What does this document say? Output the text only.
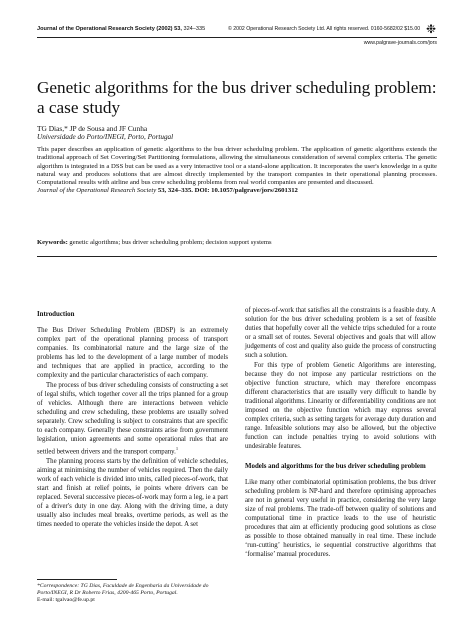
Journal of the Operational Research Society (2002) 53, 324–335	© 2002 Operational Research Society Ltd. All rights reserved. 0160-5682/02 $15.00 ❉
www.palgrave-journals.com/jors
Genetic algorithms for the bus driver scheduling problem: a case study
TG Dias,* JP de Sousa and JF Cunha
Universidade do Porto/INEGI, Porto, Portugal
This paper describes an application of genetic algorithms to the bus driver scheduling problem. The application of genetic algorithms extends the traditional approach of Set Covering/Set Partitioning formulations, allowing the simultaneous consideration of several complex criteria. The genetic algorithm is integrated in a DSS but can be used as a very interactive tool or a stand-alone application. It incorporates the user's knowledge in a quite natural way and produces solutions that are almost directly implemented by the transport companies in their operational planning processes. Computational results with airline and bus crew scheduling problems from real world companies are presented and discussed.
Journal of the Operational Research Society 53, 324–335. DOI: 10.1057/palgrave/jors/2601312
Keywords: genetic algorithms; bus driver scheduling problem; decision support systems
Introduction

The Bus Driver Scheduling Problem (BDSP) is an extremely complex part of the operational planning process of transport companies. Its combinatorial nature and the large size of the problems has led to the development of a large number of models and techniques that are applied in practice, according to the complexity and the particular characteristics of each company.

The process of bus driver scheduling consists of constructing a set of legal shifts, which together cover all the trips planned for a group of vehicles. Although there are interactions between vehicle scheduling and crew scheduling, these problems are usually solved separately. Crew scheduling is subject to constraints that are specific to each company. Generally these constraints arise from government legislation, union agreements and some operational rules that are settled between drivers and the transport company.$^1$

The planning process starts by the definition of vehicle schedules, aiming at minimising the number of vehicles required. Then the daily work of each vehicle is divided into units, called pieces-of-work, that start and finish at relief points, ie points where drivers can be replaced. Several successive pieces-of-work may form a leg, ie a part of a driver's duty in one day. Along with the driving time, a duty usually also includes meal breaks, overtime periods, as well as the times needed to operate the vehicles inside the depot. A set

of pieces-of-work that satisfies all the constraints is a feasible duty. A solution for the bus driver scheduling problem is a set of feasible duties that hopefully cover all the vehicle trips scheduled for a route or a small set of routes. Several objectives and goals that will allow judgements of cost and quality also guide the process of constructing such a solution.

For this type of problem Genetic Algorithms are interesting, because they do not impose any particular restrictions on the objective function structure, which may therefore encompass different characteristics that are usually very difficult to handle by traditional algorithms. Linearity or differentiability conditions are not imposed on the objective function which may express several complex criteria, such as setting targets for average duty duration and range. Infeasible solutions may also be allowed, but the objective function can include penalties trying to avoid solutions with undesirable features.

Models and algorithms for the bus driver scheduling problem

Like many other combinatorial optimisation problems, the bus driver scheduling problem is NP-hard and therefore optimising approaches are not in general very useful in practice, considering the very large size of real problems. The trade-off between quality of solutions and computational time in practice leads to the use of heuristic procedures that aim at efficiently producing good solutions as close as possible to those obtained manually in real time. These include ‘run-cutting’ heuristics, ie sequential constructive algorithms that ‘formalise’ manual procedures.

*Correspondence: TG Dias, Faculdade de Engenharia da Universidade do Porto/INEGI, R Dr Roberto Frias, 4200-465 Porto, Portugal.
E-mail: tgalvao@fe.up.pt
